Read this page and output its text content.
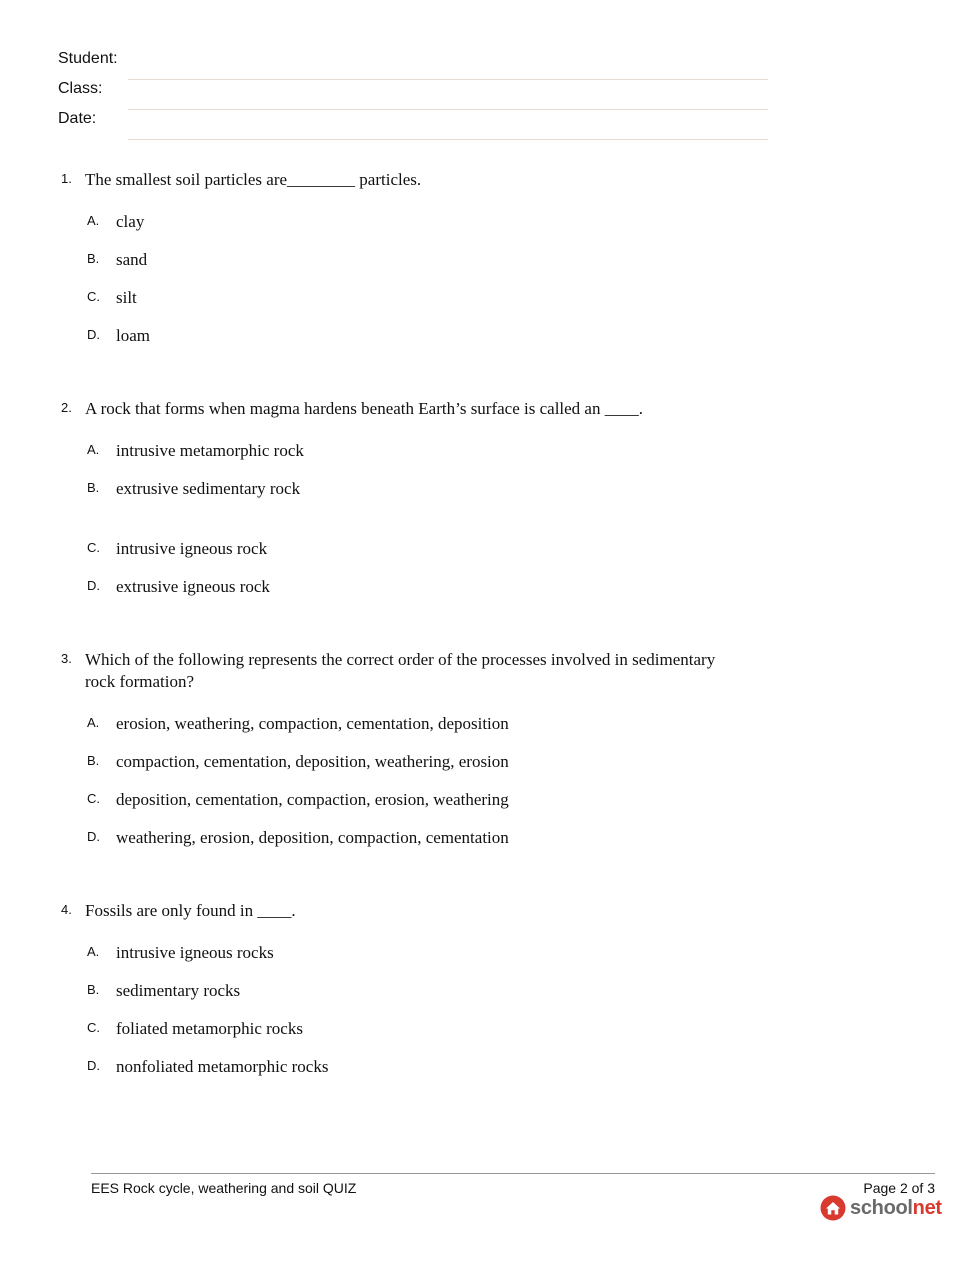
Student:
Class:
Date:
1. The smallest soil particles are________ particles.
A. clay
B. sand
C. silt
D. loam
2. A rock that forms when magma hardens beneath Earth’s surface is called an ____.
A. intrusive metamorphic rock
B. extrusive sedimentary rock
C. intrusive igneous rock
D. extrusive igneous rock
3. Which of the following represents the correct order of the processes involved in sedimentary rock formation?
A. erosion, weathering, compaction, cementation, deposition
B. compaction, cementation, deposition, weathering, erosion
C. deposition, cementation, compaction, erosion, weathering
D. weathering, erosion, deposition, compaction, cementation
4. Fossils are only found in ____.
A. intrusive igneous rocks
B. sedimentary rocks
C. foliated metamorphic rocks
D. nonfoliated metamorphic rocks
EES Rock cycle, weathering and soil QUIZ	Page 2 of 3
schoolnet
